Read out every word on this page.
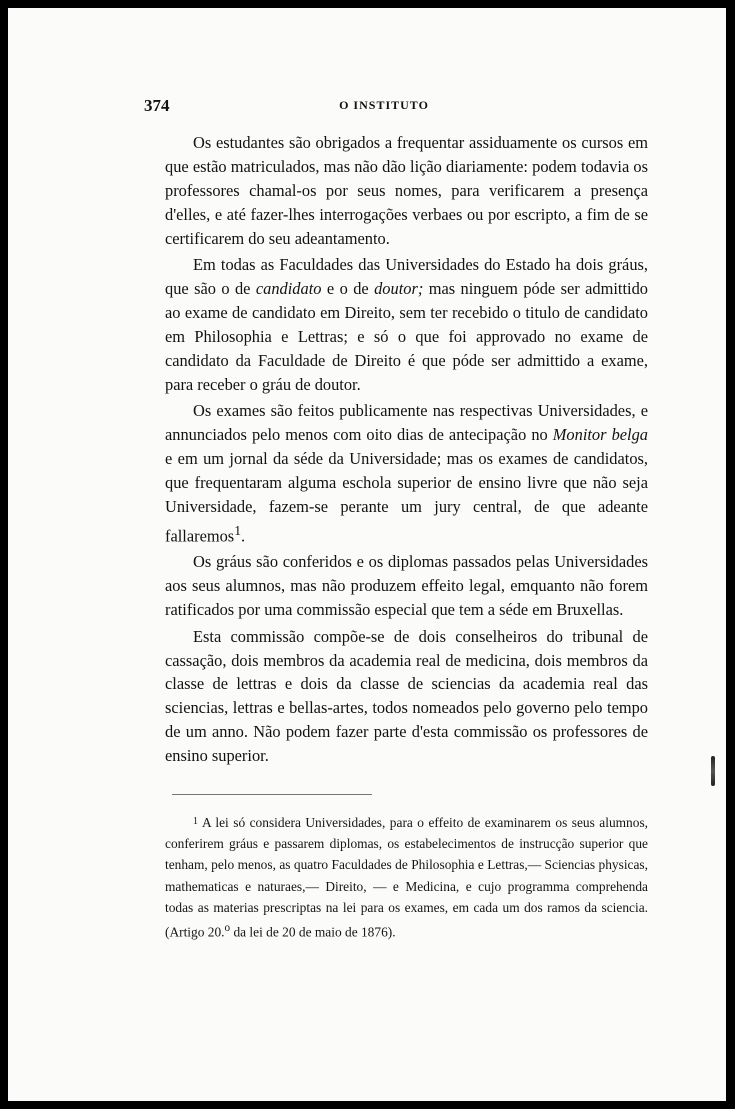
374	O INSTITUTO

Os estudantes são obrigados a frequentar assiduamente os cursos em que estão matriculados, mas não dão lição diariamente: podem todavia os professores chamal-os por seus nomes, para verificarem a presença d'elles, e até fazer-lhes interrogações verbaes ou por escripto, a fim de se certificarem do seu adeantamento.

Em todas as Faculdades das Universidades do Estado ha dois gráus, que são o de candidato e o de doutor; mas ninguem póde ser admittido ao exame de candidato em Direito, sem ter recebido o titulo de candidato em Philosophia e Lettras; e só o que foi approvado no exame de candidato da Faculdade de Direito é que póde ser admittido a exame, para receber o gráu de doutor.

Os exames são feitos publicamente nas respectivas Universidades, e annunciados pelo menos com oito dias de antecipação no Monitor belga e em um jornal da séde da Universidade; mas os exames de candidatos, que frequentaram alguma escholа superior de ensino livre que não seja Universidade, fazem-se perante um jury central, de que adeante fallaremos$^1$.

Os gráus são conferidos e os diplomas passados pelas Universidades aos seus alumnos, mas não produzem effeito legal, emquanto não forem ratificados por uma commissão especial que tem a séde em Bruxellas.

Esta commissão compõe-se de dois conselheiros do tribunal de cassação, dois membros da academia real de medicina, dois membros da classe de lettras e dois da classe de sciencias da academia real das sciencias, lettras e bellas-artes, todos nomeados pelo governo pelo tempo de um anno. Não podem fazer parte d'esta commissão os professores de ensino superior.

$^1$ A lei só considera Universidades, para o effeito de examinarem os seus alumnos, conferirem gráus e passarem diplomas, os estabelecimentos de instrucção superior que tenham, pelo menos, as quatro Faculdades de Philosophia e Lettras,— Sciencias physicas, mathematicas e naturaes,— Direito, — e Medicina, e cujo programma comprehenda todas as materias prescriptas na lei para os exames, em cada um dos ramos da sciencia. (Artigo 20.$^o$ da lei de 20 de maio de 1876).
